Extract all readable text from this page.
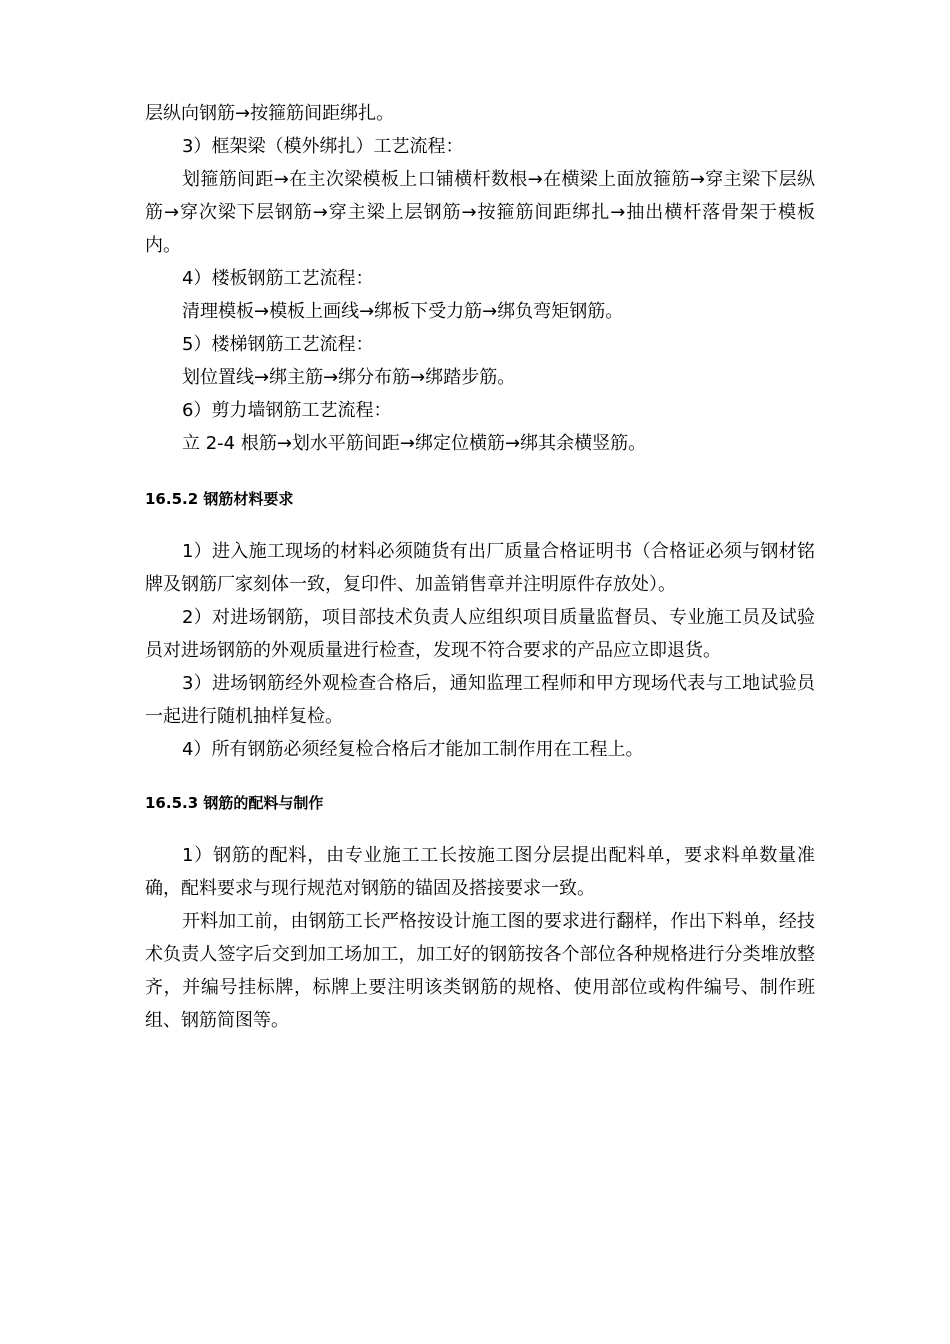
层纵向钢筋→按箍筋间距绑扎。

3）框架梁（模外绑扎）工艺流程：

划箍筋间距→在主次梁模板上口铺横杆数根→在横梁上面放箍筋→穿主梁下层纵筋→穿次梁下层钢筋→穿主梁上层钢筋→按箍筋间距绑扎→抽出横杆落骨架于模板内。

4）楼板钢筋工艺流程：

清理模板→模板上画线→绑板下受力筋→绑负弯矩钢筋。

5）楼梯钢筋工艺流程：

划位置线→绑主筋→绑分布筋→绑踏步筋。

6）剪力墙钢筋工艺流程：

立 2-4 根筋→划水平筋间距→绑定位横筋→绑其余横竖筋。

16.5.2 钢筋材料要求

1）进入施工现场的材料必须随货有出厂质量合格证明书（合格证必须与钢材铭牌及钢筋厂家刻体一致，复印件、加盖销售章并注明原件存放处）。

2）对进场钢筋，项目部技术负责人应组织项目质量监督员、专业施工员及试验员对进场钢筋的外观质量进行检查，发现不符合要求的产品应立即退货。

3）进场钢筋经外观检查合格后，通知监理工程师和甲方现场代表与工地试验员一起进行随机抽样复检。

4）所有钢筋必须经复检合格后才能加工制作用在工程上。

16.5.3 钢筋的配料与制作

1）钢筋的配料，由专业施工工长按施工图分层提出配料单，要求料单数量准确，配料要求与现行规范对钢筋的锚固及搭接要求一致。

开料加工前，由钢筋工长严格按设计施工图的要求进行翻样，作出下料单，经技术负责人签字后交到加工场加工，加工好的钢筋按各个部位各种规格进行分类堆放整齐，并编号挂标牌，标牌上要注明该类钢筋的规格、使用部位或构件编号、制作班组、钢筋简图等。
